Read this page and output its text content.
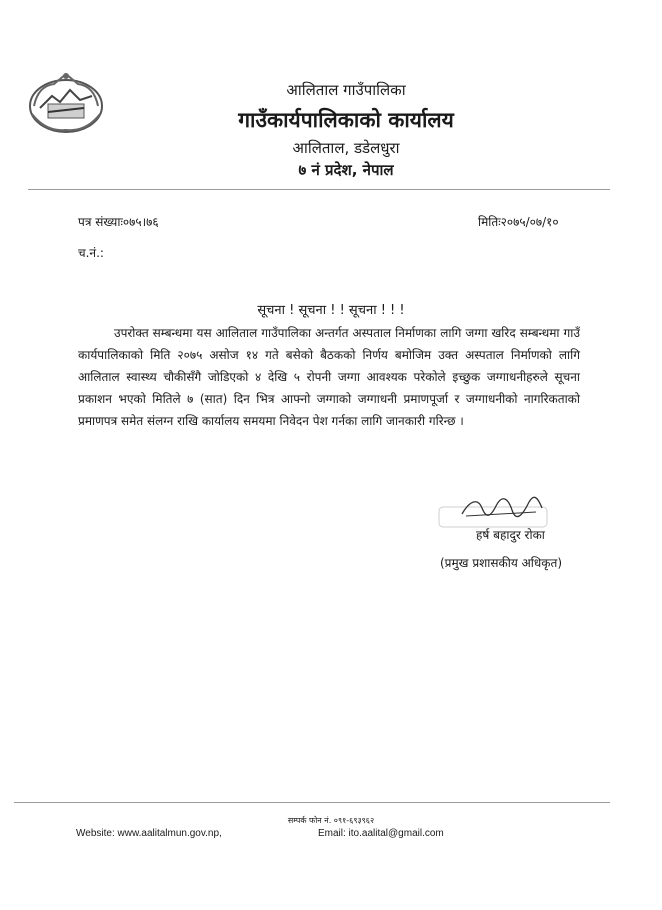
आलिताल गाउँपालिका
गाउँकार्यपालिकाको कार्यालय
आलिताल, डडेलधुरा
७ नं प्रदेश, नेपाल
पत्र संख्याः०७५।७६	मितिः२०७५/०७/१०
च.नं.:
सूचना ! सूचना ! ! सूचना ! ! !
उपरोक्त सम्बन्धमा यस आलिताल गाउँपालिका अन्तर्गत अस्पताल निर्माणका लागि जग्गा खरिद सम्बन्धमा गाउँ कार्यपालिकाको मिति २०७५ असोज १४ गते बसेको बैठकको निर्णय बमोजिम उक्त अस्पताल निर्माणको लागि आलिताल स्वास्थ्य चौकीसँगै जोडिएको ४ देखि ५ रोपनी जग्गा आवश्यक परेकोले इच्छुक जग्गाधनीहरुले सूचना प्रकाशन भएको मितिले ७ (सात) दिन भित्र आफ्नो जग्गाको जग्गाधनी प्रमाणपूर्जा र जग्गाधनीको नागरिकताको प्रमाणपत्र समेत संलग्न राखि कार्यालय समयमा निवेदन पेश गर्नका लागि जानकारी गरिन्छ ।
हर्ष बहादुर रोका
(प्रमुख प्रशासकीय अधिकृत)
सम्पर्क फोन नं. ०९१-६९३९६२
Website: www.aalitalmun.gov.np,	Email: ito.aalital@gmail.com
